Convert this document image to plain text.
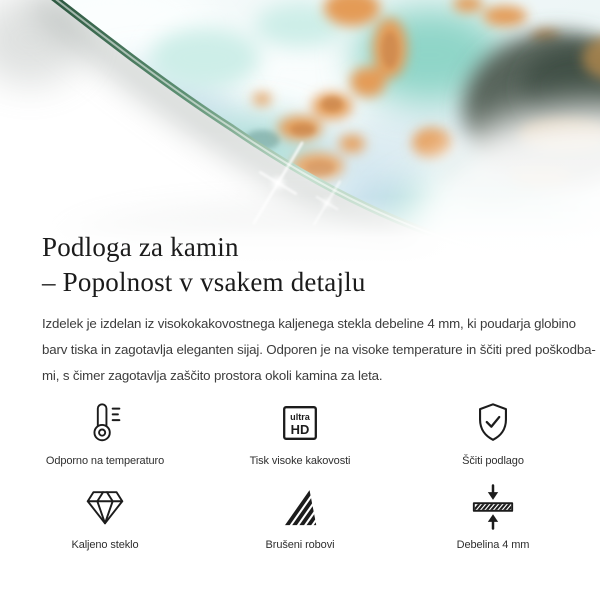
Podloga za kamin
– Popolnost v vsakem detajlu

Izdelek je izdelan iz visokokakovostnega kaljenega stekla debeline 4 mm, ki poudarja globino
barv tiska in zagotavlja eleganten sijaj. Odporen je na visoke temperature in ščiti pred poškodba-
mi, s čimer zagotavlja zaščito prostora okoli kamina za leta.

Odporno na temperaturo
ultra
HD
Tisk visoke kakovosti	Ščiti podlago
Kaljeno steklo	Brušeni robovi	Debelina 4 mm
